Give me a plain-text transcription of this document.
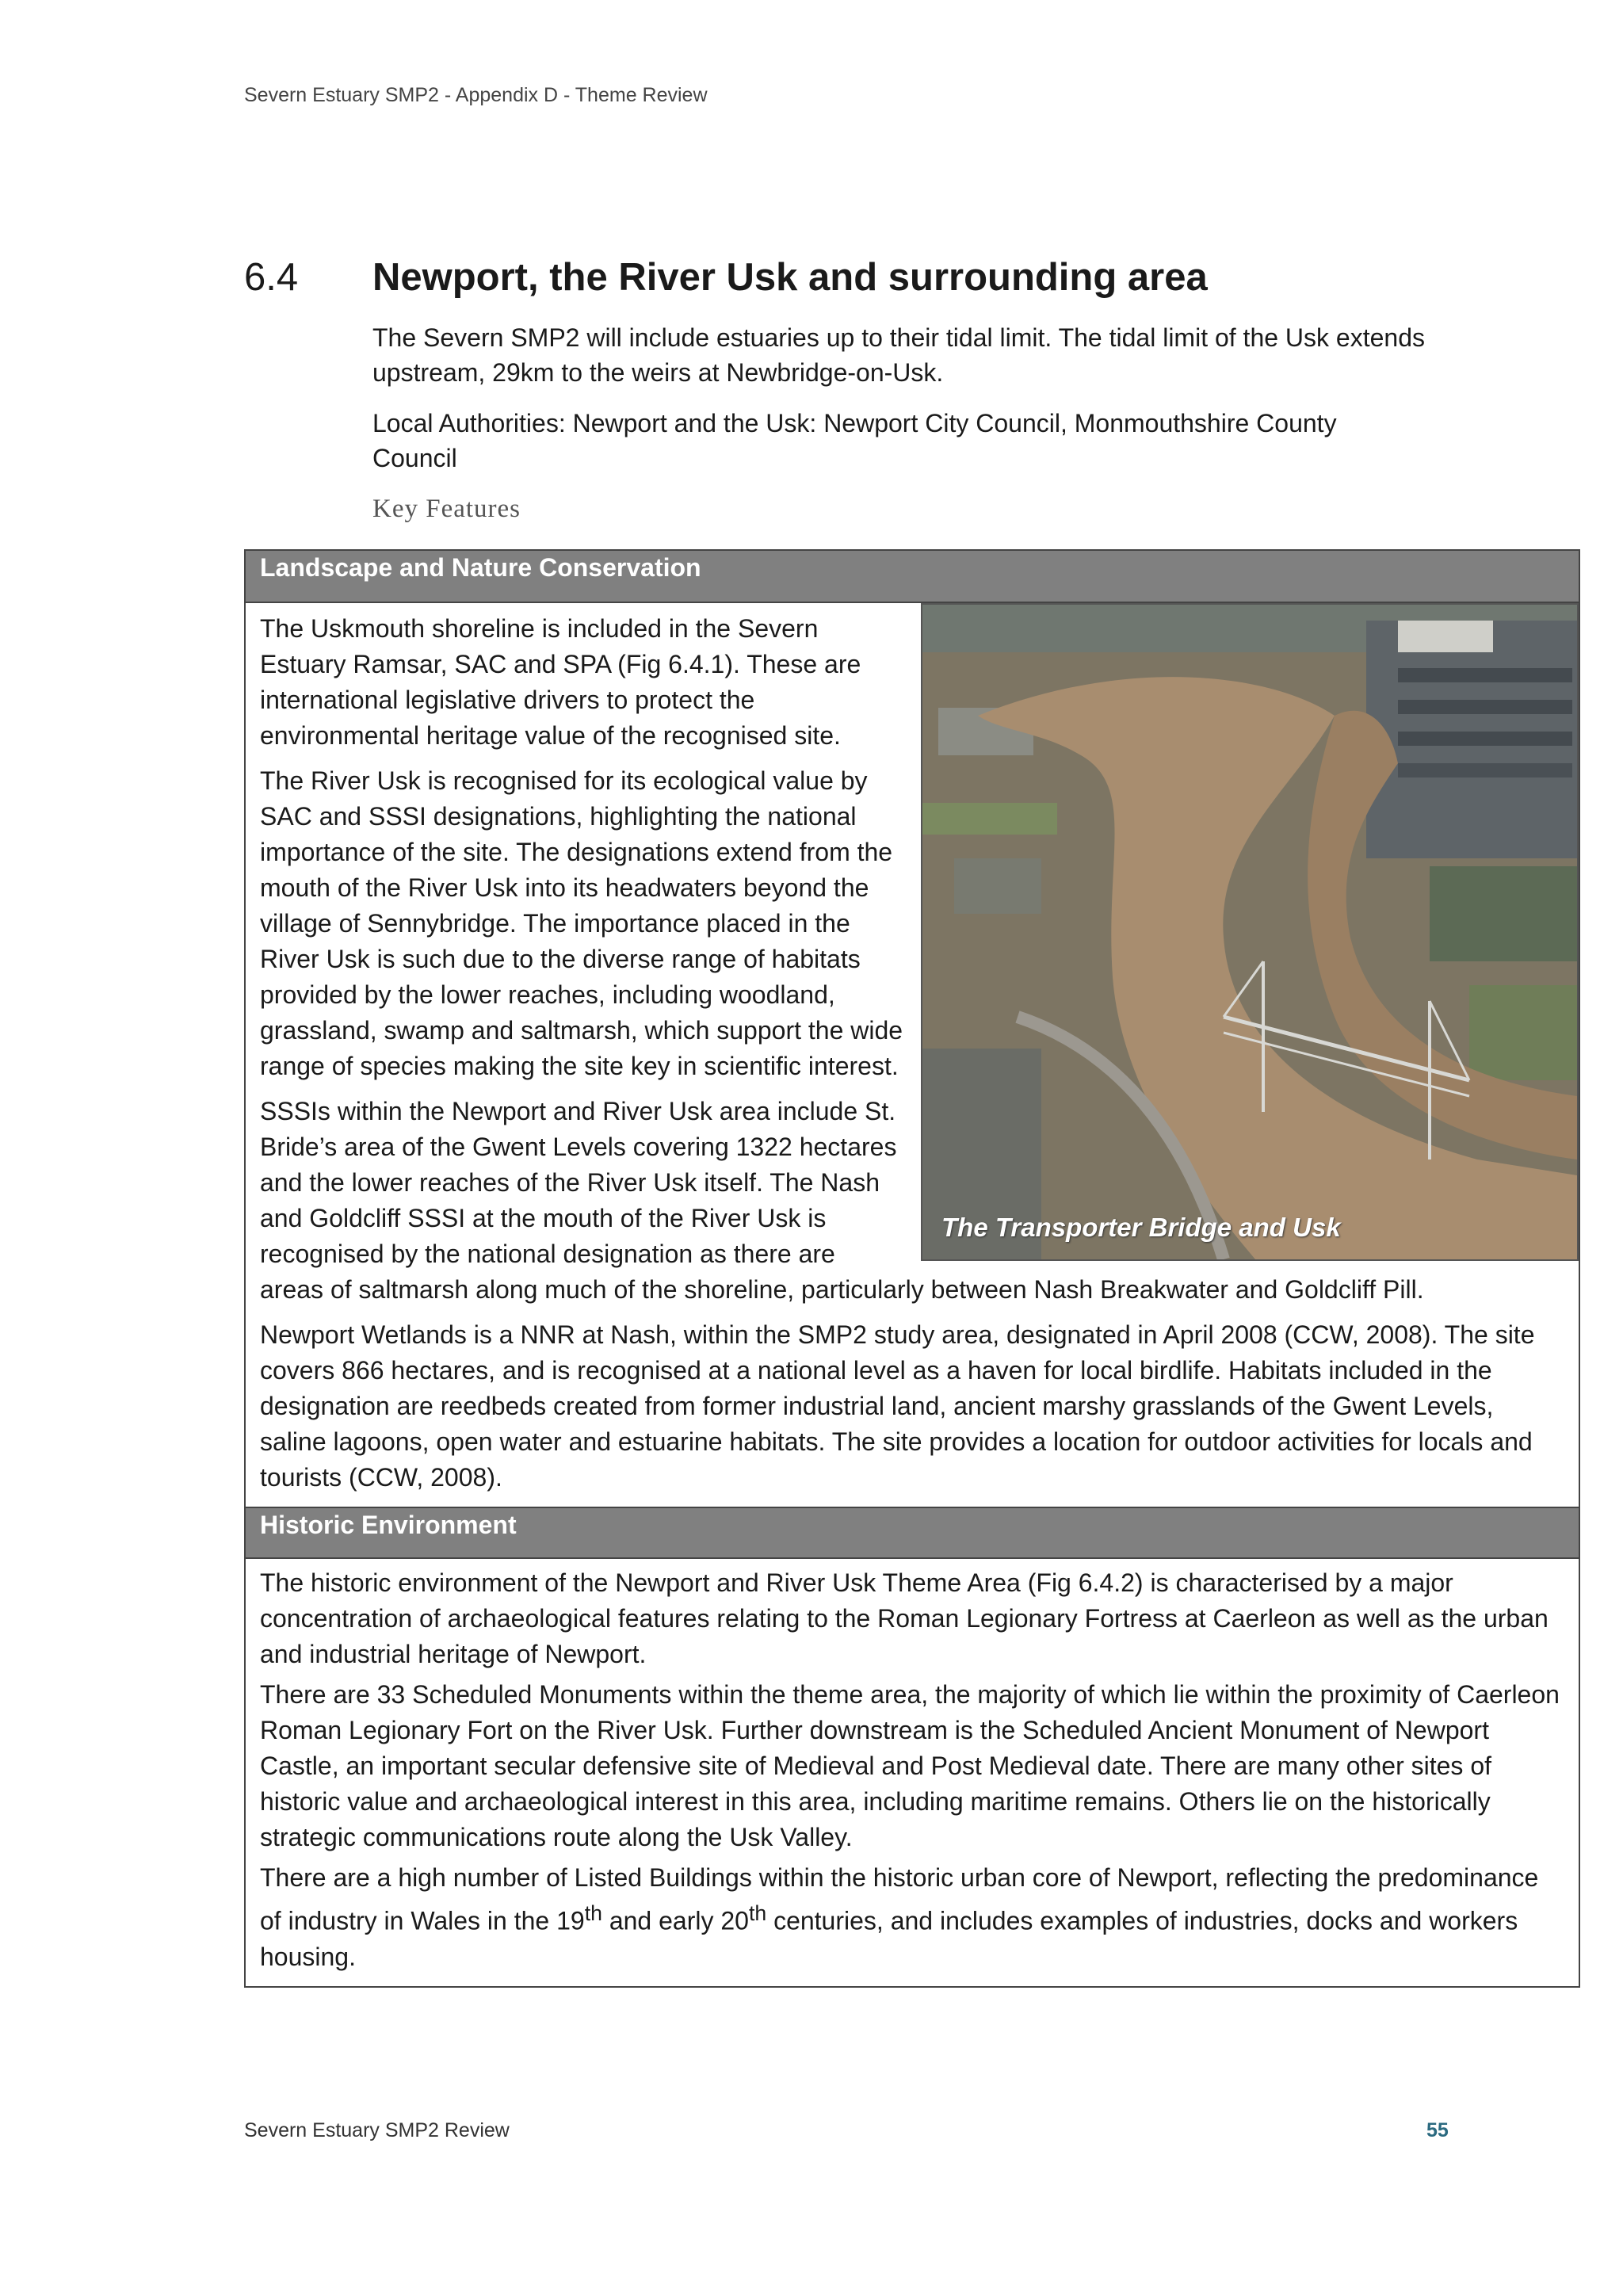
Severn Estuary SMP2 - Appendix D - Theme Review
6.4 Newport, the River Usk and surrounding area

The Severn SMP2 will include estuaries up to their tidal limit. The tidal limit of the Usk extends upstream, 29km to the weirs at Newbridge-on-Usk.

Local Authorities: Newport and the Usk: Newport City Council, Monmouthshire County Council

Key Features

Landscape and Nature Conservation
The Transporter Bridge and Usk

The Uskmouth shoreline is included in the Severn Estuary Ramsar, SAC and SPA (Fig 6.4.1). These are international legislative drivers to protect the environmental heritage value of the recognised site.

The River Usk is recognised for its ecological value by SAC and SSSI designations, highlighting the national importance of the site. The designations extend from the mouth of the River Usk into its headwaters beyond the village of Sennybridge. The importance placed in the River Usk is such due to the diverse range of habitats provided by the lower reaches, including woodland, grassland, swamp and saltmarsh, which support the wide range of species making the site key in scientific interest.

SSSIs within the Newport and River Usk area include St. Bride’s area of the Gwent Levels covering 1322 hectares and the lower reaches of the River Usk itself. The Nash and Goldcliff SSSI at the mouth of the River Usk is recognised by the national designation as there are areas of saltmarsh along much of the shoreline, particularly between Nash Breakwater and Goldcliff Pill.

Newport Wetlands is a NNR at Nash, within the SMP2 study area, designated in April 2008 (CCW, 2008). The site covers 866 hectares, and is recognised at a national level as a haven for local birdlife. Habitats included in the designation are reedbeds created from former industrial land, ancient marshy grasslands of the Gwent Levels, saline lagoons, open water and estuarine habitats. The site provides a location for outdoor activities for locals and tourists (CCW, 2008).

Historic Environment

The historic environment of the Newport and River Usk Theme Area (Fig 6.4.2) is characterised by a major concentration of archaeological features relating to the Roman Legionary Fortress at Caerleon as well as the urban and industrial heritage of Newport.

There are 33 Scheduled Monuments within the theme area, the majority of which lie within the proximity of Caerleon Roman Legionary Fort on the River Usk. Further downstream is the Scheduled Ancient Monument of Newport Castle, an important secular defensive site of Medieval and Post Medieval date. There are many other sites of historic value and archaeological interest in this area, including maritime remains. Others lie on the historically strategic communications route along the Usk Valley.

There are a high number of Listed Buildings within the historic urban core of Newport, reflecting the predominance of industry in Wales in the 19th and early 20th centuries, and includes examples of industries, docks and workers housing.

Severn Estuary SMP2 Review	55
